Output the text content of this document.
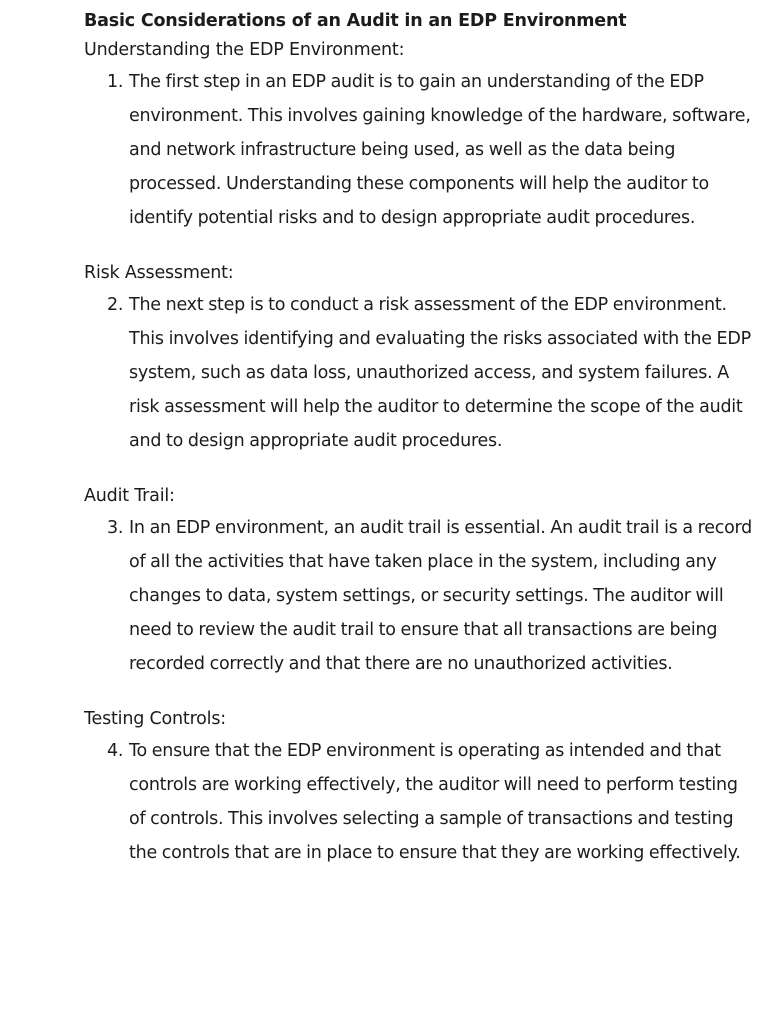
Basic Considerations of an Audit in an EDP Environment

Understanding the EDP Environment:

1. The first step in an EDP audit is to gain an understanding of the EDP environment. This involves gaining knowledge of the hardware, software, and network infrastructure being used, as well as the data being processed. Understanding these components will help the auditor to identify potential risks and to design appropriate audit procedures.

Risk Assessment:

2. The next step is to conduct a risk assessment of the EDP environment. This involves identifying and evaluating the risks associated with the EDP system, such as data loss, unauthorized access, and system failures. A risk assessment will help the auditor to determine the scope of the audit and to design appropriate audit procedures.

Audit Trail:

3. In an EDP environment, an audit trail is essential. An audit trail is a record of all the activities that have taken place in the system, including any changes to data, system settings, or security settings. The auditor will need to review the audit trail to ensure that all transactions are being recorded correctly and that there are no unauthorized activities.

Testing Controls:

4. To ensure that the EDP environment is operating as intended and that controls are working effectively, the auditor will need to perform testing of controls. This involves selecting a sample of transactions and testing the controls that are in place to ensure that they are working effectively.
